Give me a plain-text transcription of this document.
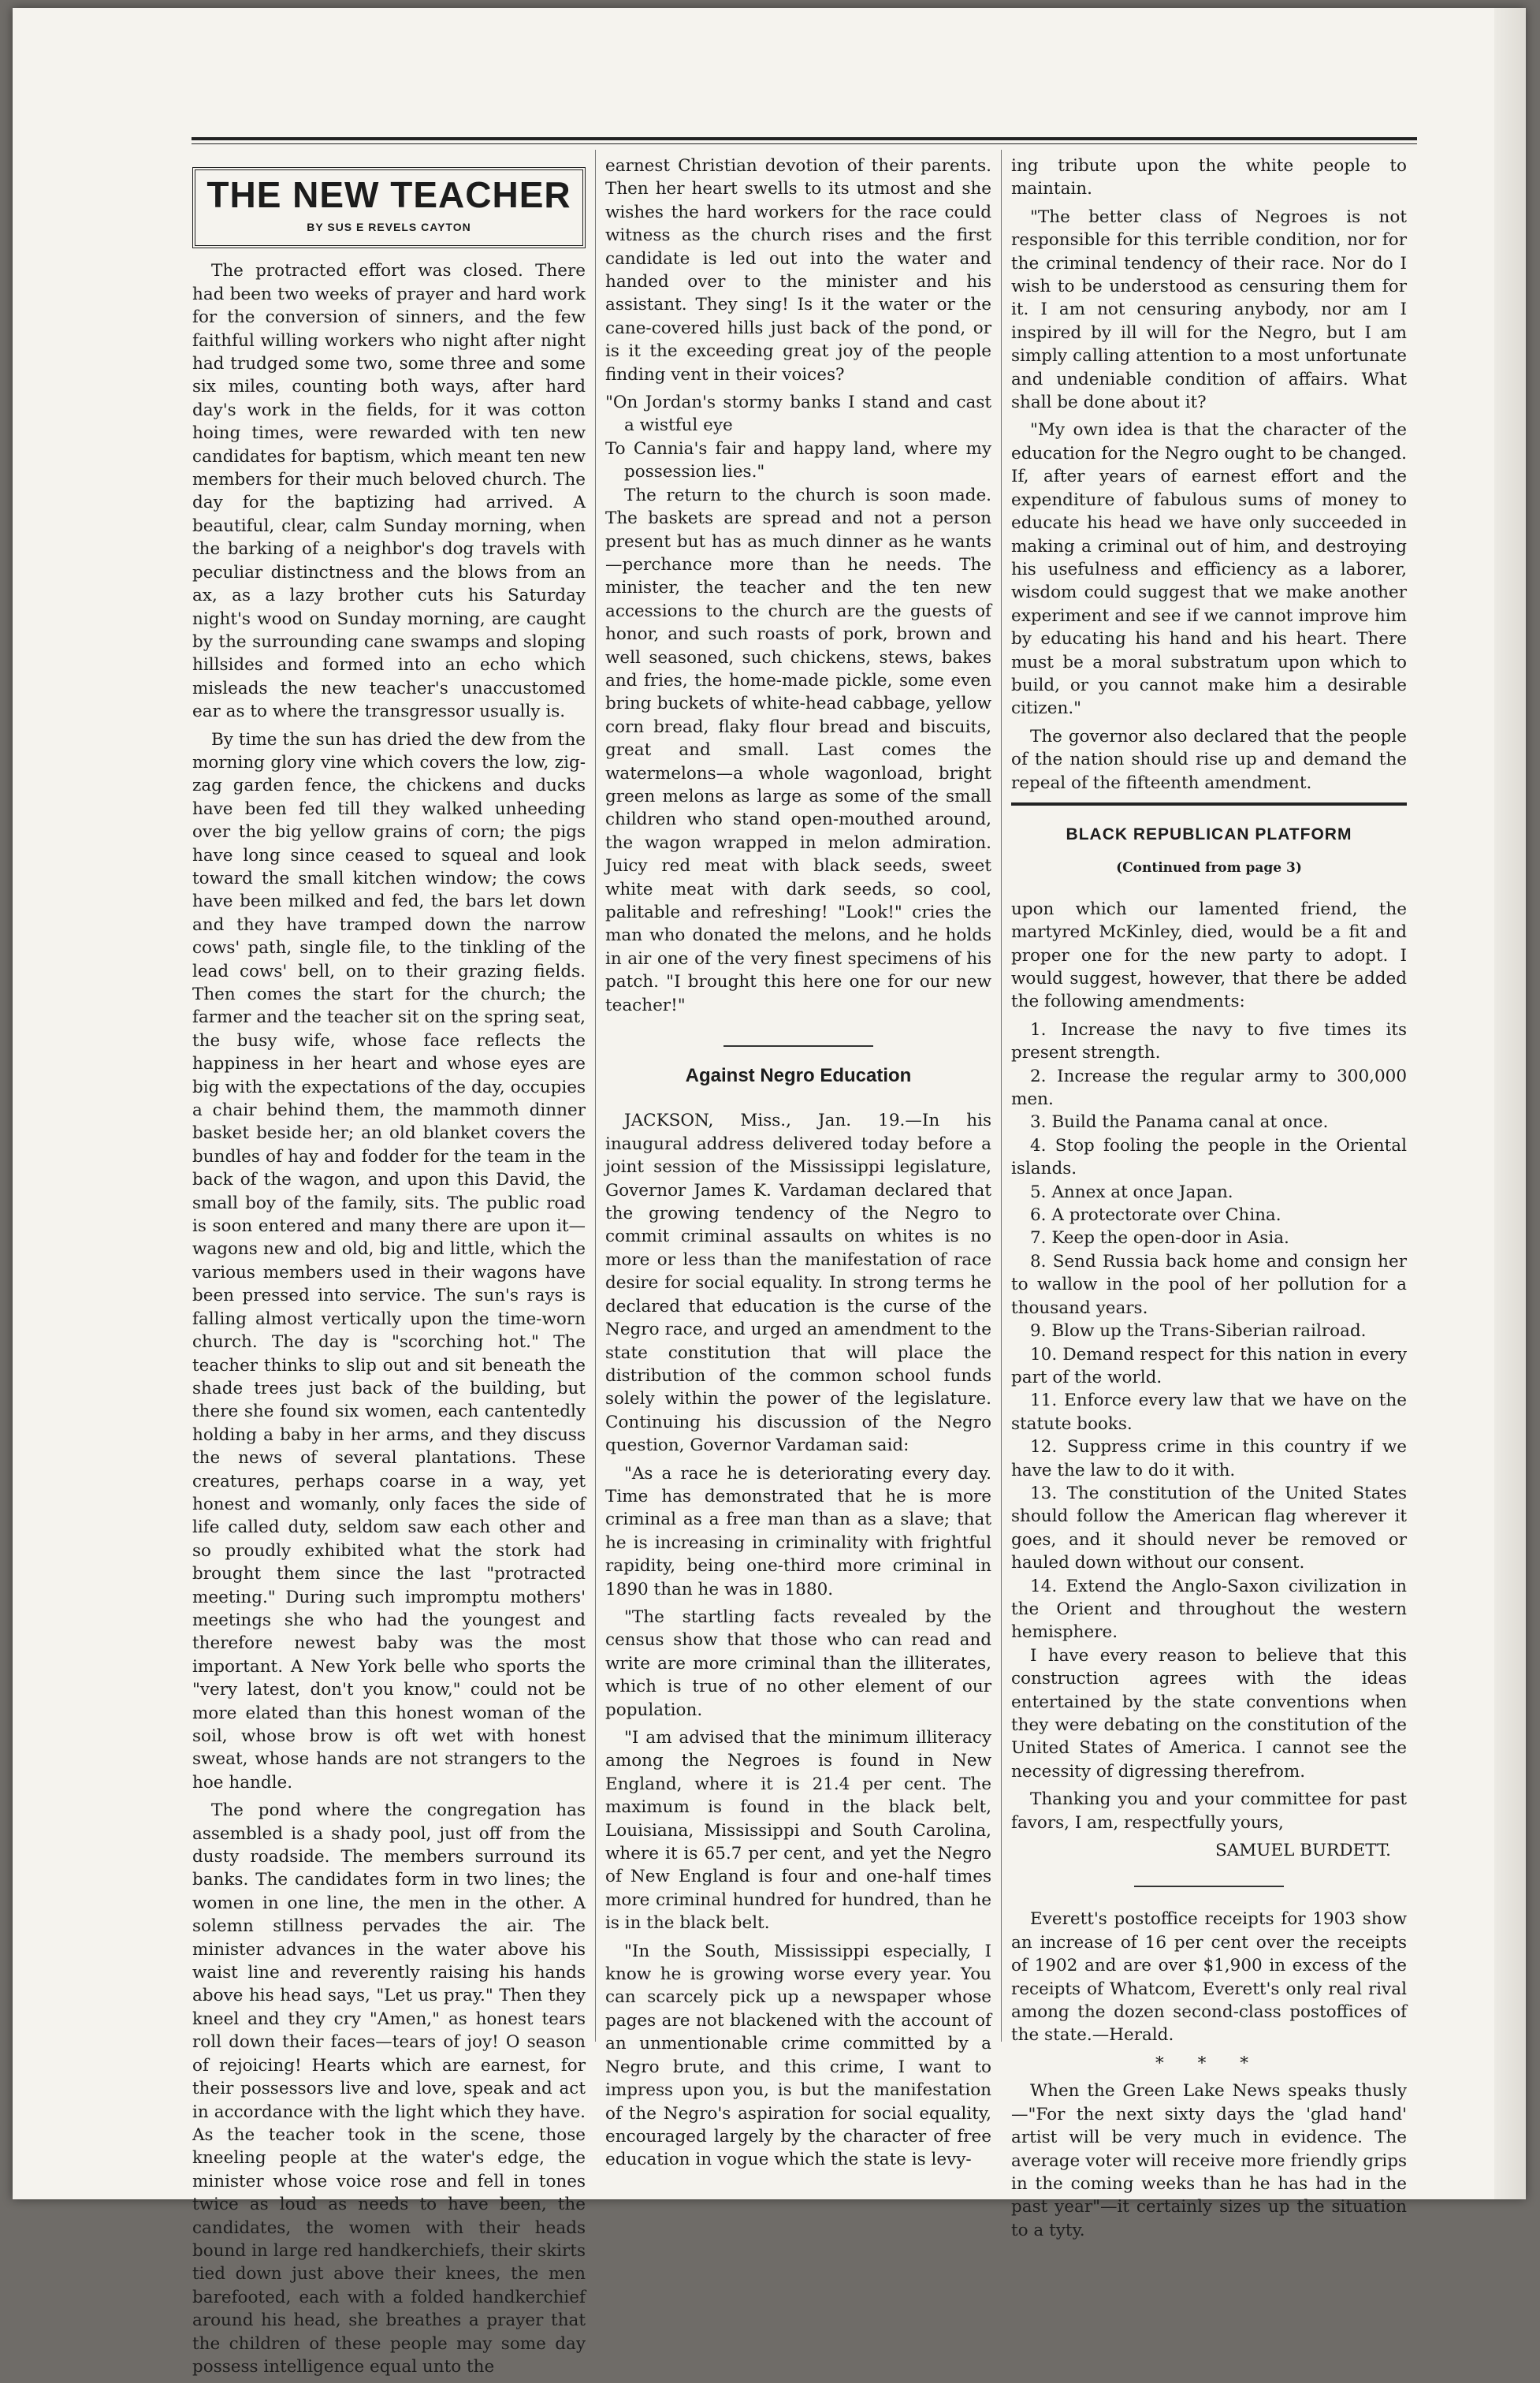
THE NEW TEACHER
BY SUS E REVELS CAYTON

The protracted effort was closed. There had been two weeks of prayer and hard work for the conversion of sinners, and the few faithful willing workers who night after night had trudged some two, some three and some six miles, counting both ways, after hard day's work in the fields, for it was cotton hoing times, were rewarded with ten new candidates for baptism, which meant ten new members for their much beloved church. The day for the baptizing had arrived. A beautiful, clear, calm Sunday morning, when the barking of a neighbor's dog travels with peculiar distinctness and the blows from an ax, as a lazy brother cuts his Saturday night's wood on Sunday morning, are caught by the surrounding cane swamps and sloping hillsides and formed into an echo which misleads the new teacher's unaccustomed ear as to where the transgressor usually is.

By time the sun has dried the dew from the morning glory vine which covers the low, zig-zag garden fence, the chickens and ducks have been fed till they walked unheeding over the big yellow grains of corn; the pigs have long since ceased to squeal and look toward the small kitchen window; the cows have been milked and fed, the bars let down and they have tramped down the narrow cows' path, single file, to the tinkling of the lead cows' bell, on to their grazing fields. Then comes the start for the church; the farmer and the teacher sit on the spring seat, the busy wife, whose face reflects the happiness in her heart and whose eyes are big with the expectations of the day, occupies a chair behind them, the mammoth dinner basket beside her; an old blanket covers the bundles of hay and fodder for the team in the back of the wagon, and upon this David, the small boy of the family, sits. The public road is soon entered and many there are upon it—wagons new and old, big and little, which the various members used in their wagons have been pressed into service. The sun's rays is falling almost vertically upon the time-worn church. The day is "scorching hot." The teacher thinks to slip out and sit beneath the shade trees just back of the building, but there she found six women, each cantentedly holding a baby in her arms, and they discuss the news of several plantations. These creatures, perhaps coarse in a way, yet honest and womanly, only faces the side of life called duty, seldom saw each other and so proudly exhibited what the stork had brought them since the last "protracted meeting." During such impromptu mothers' meetings she who had the youngest and therefore newest baby was the most important. A New York belle who sports the "very latest, don't you know," could not be more elated than this honest woman of the soil, whose brow is oft wet with honest sweat, whose hands are not strangers to the hoe handle.

The pond where the congregation has assembled is a shady pool, just off from the dusty roadside. The members surround its banks. The candidates form in two lines; the women in one line, the men in the other. A solemn stillness pervades the air. The minister advances in the water above his waist line and reverently raising his hands above his head says, "Let us pray." Then they kneel and they cry "Amen," as honest tears roll down their faces—tears of joy! O season of rejoicing! Hearts which are earnest, for their possessors live and love, speak and act in accordance with the light which they have. As the teacher took in the scene, those kneeling people at the water's edge, the minister whose voice rose and fell in tones twice as loud as needs to have been, the candidates, the women with their heads bound in large red handkerchiefs, their skirts tied down just above their knees, the men barefooted, each with a folded handkerchief around his head, she breathes a prayer that the children of these people may some day possess intelligence equal unto the

earnest Christian devotion of their parents. Then her heart swells to its utmost and she wishes the hard workers for the race could witness as the church rises and the first candidate is led out into the water and handed over to the minister and his assistant. They sing! Is it the water or the cane-covered hills just back of the pond, or is it the exceeding great joy of the people finding vent in their voices?

"On Jordan's stormy banks I stand and cast a wistful eye

To Cannia's fair and happy land, where my possession lies."

The return to the church is soon made. The baskets are spread and not a person present but has as much dinner as he wants—perchance more than he needs. The minister, the teacher and the ten new accessions to the church are the guests of honor, and such roasts of pork, brown and well seasoned, such chickens, stews, bakes and fries, the home-made pickle, some even bring buckets of white-head cabbage, yellow corn bread, flaky flour bread and biscuits, great and small. Last comes the watermelons—a whole wagonload, bright green melons as large as some of the small children who stand open-mouthed around, the wagon wrapped in melon admiration. Juicy red meat with black seeds, sweet white meat with dark seeds, so cool, palitable and refreshing! "Look!" cries the man who donated the melons, and he holds in air one of the very finest specimens of his patch. "I brought this here one for our new teacher!"

Against Negro Education

JACKSON, Miss., Jan. 19.—In his inaugural address delivered today before a joint session of the Mississippi legislature, Governor James K. Vardaman declared that the growing tendency of the Negro to commit criminal assaults on whites is no more or less than the manifestation of race desire for social equality. In strong terms he declared that education is the curse of the Negro race, and urged an amendment to the state constitution that will place the distribution of the common school funds solely within the power of the legislature. Continuing his discussion of the Negro question, Governor Vardaman said:

"As a race he is deteriorating every day. Time has demonstrated that he is more criminal as a free man than as a slave; that he is increasing in criminality with frightful rapidity, being one-third more criminal in 1890 than he was in 1880.

"The startling facts revealed by the census show that those who can read and write are more criminal than the illiterates, which is true of no other element of our population.

"I am advised that the minimum illiteracy among the Negroes is found in New England, where it is 21.4 per cent. The maximum is found in the black belt, Louisiana, Mississippi and South Carolina, where it is 65.7 per cent, and yet the Negro of New England is four and one-half times more criminal hundred for hundred, than he is in the black belt.

"In the South, Mississippi especially, I know he is growing worse every year. You can scarcely pick up a newspaper whose pages are not blackened with the account of an unmentionable crime committed by a Negro brute, and this crime, I want to impress upon you, is but the manifestation of the Negro's aspiration for social equality, encouraged largely by the character of free education in vogue which the state is levy-

ing tribute upon the white people to maintain.

"The better class of Negroes is not responsible for this terrible condition, nor for the criminal tendency of their race. Nor do I wish to be understood as censuring them for it. I am not censuring anybody, nor am I inspired by ill will for the Negro, but I am simply calling attention to a most unfortunate and undeniable condition of affairs. What shall be done about it?

"My own idea is that the character of the education for the Negro ought to be changed. If, after years of earnest effort and the expenditure of fabulous sums of money to educate his head we have only succeeded in making a criminal out of him, and destroying his usefulness and efficiency as a laborer, wisdom could suggest that we make another experiment and see if we cannot improve him by educating his hand and his heart. There must be a moral substratum upon which to build, or you cannot make him a desirable citizen."

The governor also declared that the people of the nation should rise up and demand the repeal of the fifteenth amendment.

BLACK REPUBLICAN PLATFORM
(Continued from page 3)

upon which our lamented friend, the martyred McKinley, died, would be a fit and proper one for the new party to adopt. I would suggest, however, that there be added the following amendments:

1. Increase the navy to five times its present strength.

2. Increase the regular army to 300,000 men.

3. Build the Panama canal at once.

4. Stop fooling the people in the Oriental islands.

5. Annex at once Japan.

6. A protectorate over China.

7. Keep the open-door in Asia.

8. Send Russia back home and consign her to wallow in the pool of her pollution for a thousand years.

9. Blow up the Trans-Siberian railroad.

10. Demand respect for this nation in every part of the world.

11. Enforce every law that we have on the statute books.

12. Suppress crime in this country if we have the law to do it with.

13. The constitution of the United States should follow the American flag wherever it goes, and it should never be removed or hauled down without our consent.

14. Extend the Anglo-Saxon civilization in the Orient and throughout the western hemisphere.

I have every reason to believe that this construction agrees with the ideas entertained by the state conventions when they were debating on the constitution of the United States of America. I cannot see the necessity of digressing therefrom.

Thanking you and your committee for past favors, I am, respectfully yours,

SAMUEL BURDETT.

Everett's postoffice receipts for 1903 show an increase of 16 per cent over the receipts of 1902 and are over $1,900 in excess of the receipts of Whatcom, Everett's only real rival among the dozen second-class postoffices of the state.—Herald.

* * *

When the Green Lake News speaks thusly—"For the next sixty days the 'glad hand' artist will be very much in evidence. The average voter will receive more friendly grips in the coming weeks than he has had in the past year"—it certainly sizes up the situation to a tyty.
